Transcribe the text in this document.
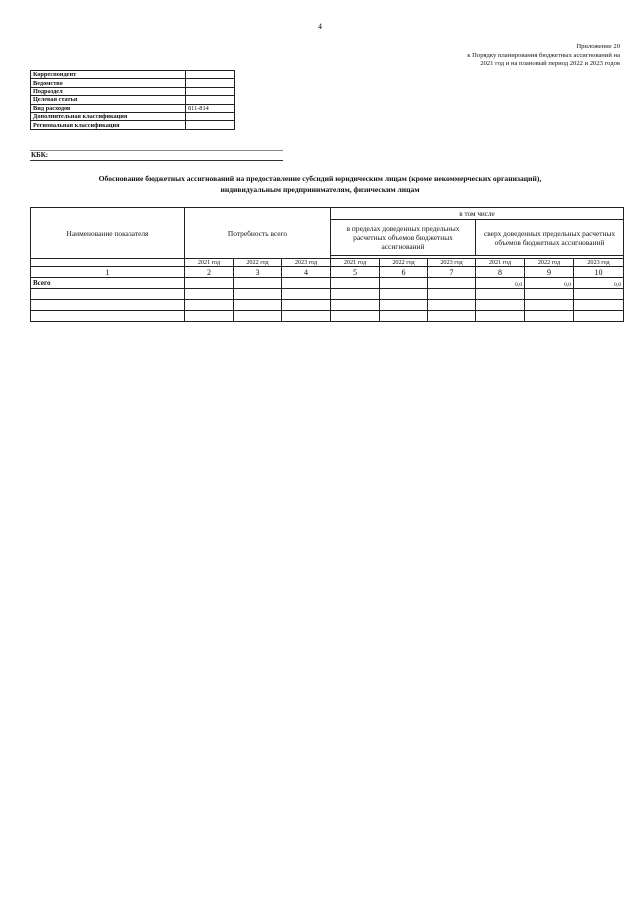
4
Приложение 20
к Порядку планирования бюджетных ассигнований на
2021 год и на плановый период 2022 и 2023 годов
Корреспондент	
Ведомство	
Подраздел	
Целевая статья	
Вид расходов	811-814
Дополнительная классификация	
Региональная классификация	
КБК:
Обоснование бюджетных ассигнований на предоставление субсидий юридическим лицам (кроме некоммерческих организаций),
индивидуальным предпринимателям, физическим лицам
Наименование показателя	Потребность всего			в том числе					
				в пределах доведенных предельных расчетных объемов бюджетных ассигнований			сверх доведенных предельных расчетных объемов бюджетных ассигнований		

	2021 год	2022 год	2023 год	2021 год	2022 год	2023 год	2021 год	2022 год	2023 год
1	2	3	4	5	6	7	8	9	10
Всего							0,0	0,0	0,0
